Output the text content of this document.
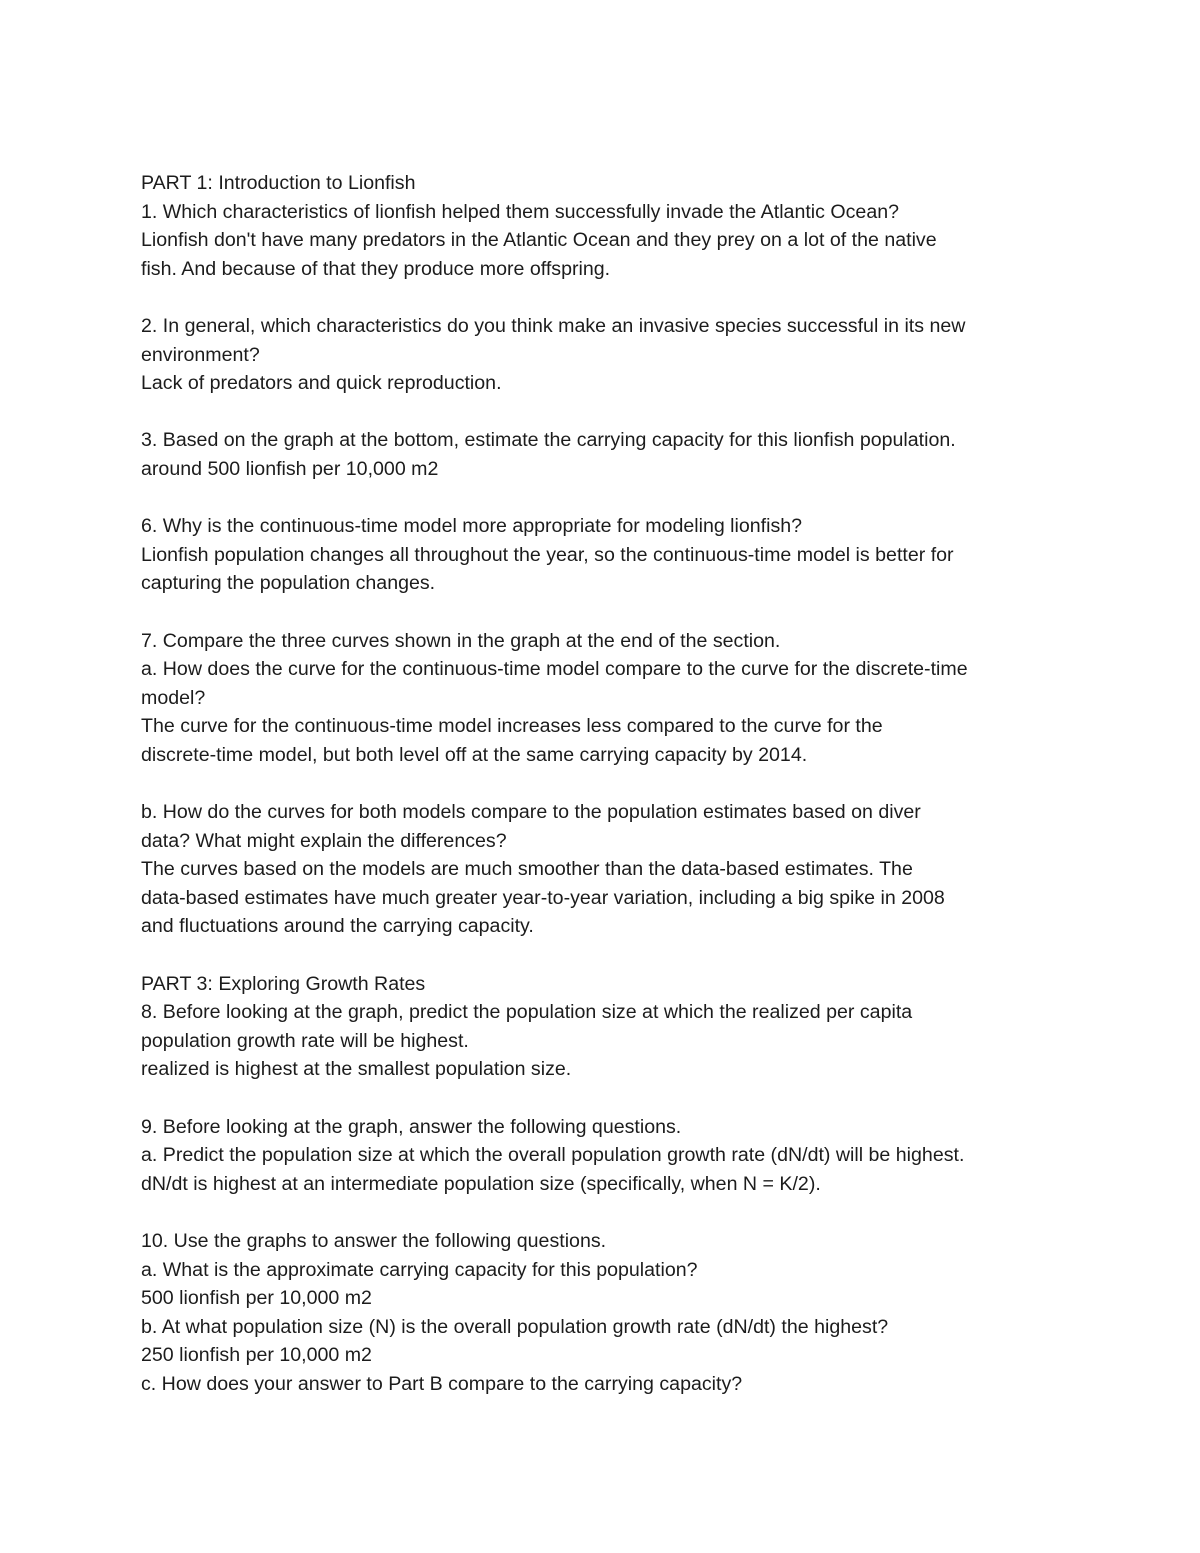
PART 1: Introduction to Lionfish
1. Which characteristics of lionfish helped them successfully invade the Atlantic Ocean?
Lionfish don't have many predators in the Atlantic Ocean and they prey on a lot of the native
fish. And because of that they produce more offspring.
2. In general, which characteristics do you think make an invasive species successful in its new
environment?
Lack of predators and quick reproduction.
3. Based on the graph at the bottom, estimate the carrying capacity for this lionfish population.
around 500 lionfish per 10,000 m2
6. Why is the continuous-time model more appropriate for modeling lionfish?
Lionfish population changes all throughout the year, so the continuous-time model is better for
capturing the population changes.
7. Compare the three curves shown in the graph at the end of the section.
a. How does the curve for the continuous-time model compare to the curve for the discrete-time
model?
The curve for the continuous-time model increases less compared to the curve for the
discrete-time model, but both level off at the same carrying capacity by 2014.
b. How do the curves for both models compare to the population estimates based on diver
data? What might explain the differences?
The curves based on the models are much smoother than the data-based estimates. The
data-based estimates have much greater year-to-year variation, including a big spike in 2008
and fluctuations around the carrying capacity.
PART 3: Exploring Growth Rates
8. Before looking at the graph, predict the population size at which the realized per capita
population growth rate will be highest.
realized is highest at the smallest population size.
9. Before looking at the graph, answer the following questions.
a. Predict the population size at which the overall population growth rate (dN/dt) will be highest.
dN/dt is highest at an intermediate population size (specifically, when N = K/2).
10. Use the graphs to answer the following questions.
a. What is the approximate carrying capacity for this population?
500 lionfish per 10,000 m2
b. At what population size (N) is the overall population growth rate (dN/dt) the highest?
250 lionfish per 10,000 m2
c. How does your answer to Part B compare to the carrying capacity?
